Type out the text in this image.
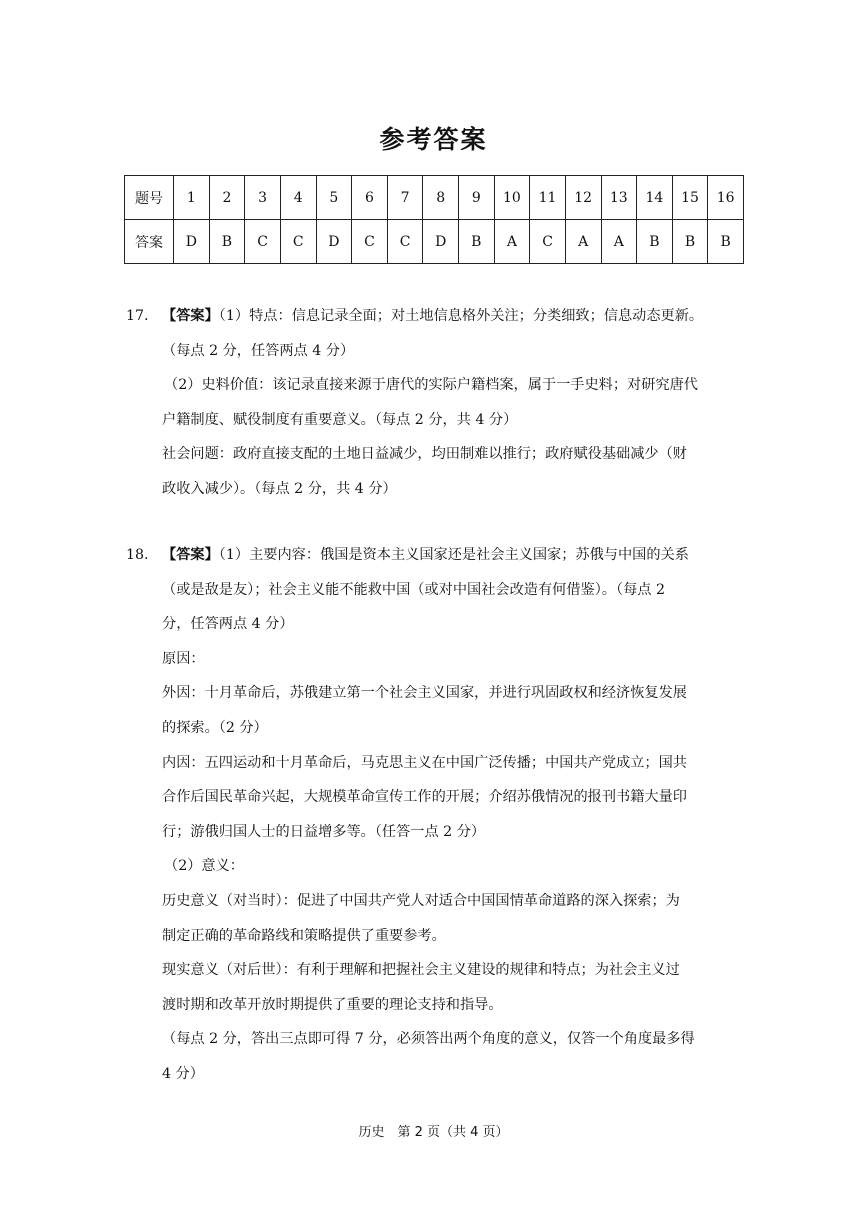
参考答案
题号	1	2	3	4	5	6	7	8	9	10	11	12	13	14	15	16
答案	D	B	C	C	D	C	C	D	B	A	C	A	A	B	B	B

17. 【答案】（1）特点：信息记录全面；对土地信息格外关注；分类细致；信息动态更新。

（每点 2 分，任答两点 4 分）

（2）史料价值：该记录直接来源于唐代的实际户籍档案，属于一手史料；对研究唐代

户籍制度、赋役制度有重要意义。（每点 2 分，共 4 分）

社会问题：政府直接支配的土地日益减少，均田制难以推行；政府赋役基础减少（财

政收入减少）。（每点 2 分，共 4 分）

18. 【答案】（1）主要内容：俄国是资本主义国家还是社会主义国家；苏俄与中国的关系

（或是敌是友）；社会主义能不能救中国（或对中国社会改造有何借鉴）。（每点 2

分，任答两点 4 分）

原因：

外因：十月革命后，苏俄建立第一个社会主义国家，并进行巩固政权和经济恢复发展

的探索。（2 分）

内因：五四运动和十月革命后，马克思主义在中国广泛传播；中国共产党成立；国共

合作后国民革命兴起，大规模革命宣传工作的开展；介绍苏俄情况的报刊书籍大量印

行；游俄归国人士的日益增多等。（任答一点 2 分）

（2）意义：

历史意义（对当时）：促进了中国共产党人对适合中国国情革命道路的深入探索；为

制定正确的革命路线和策略提供了重要参考。

现实意义（对后世）：有利于理解和把握社会主义建设的规律和特点；为社会主义过

渡时期和改革开放时期提供了重要的理论支持和指导。

（每点 2 分，答出三点即可得 7 分，必须答出两个角度的意义，仅答一个角度最多得

4 分）

历史　第 2 页（共 4 页）
